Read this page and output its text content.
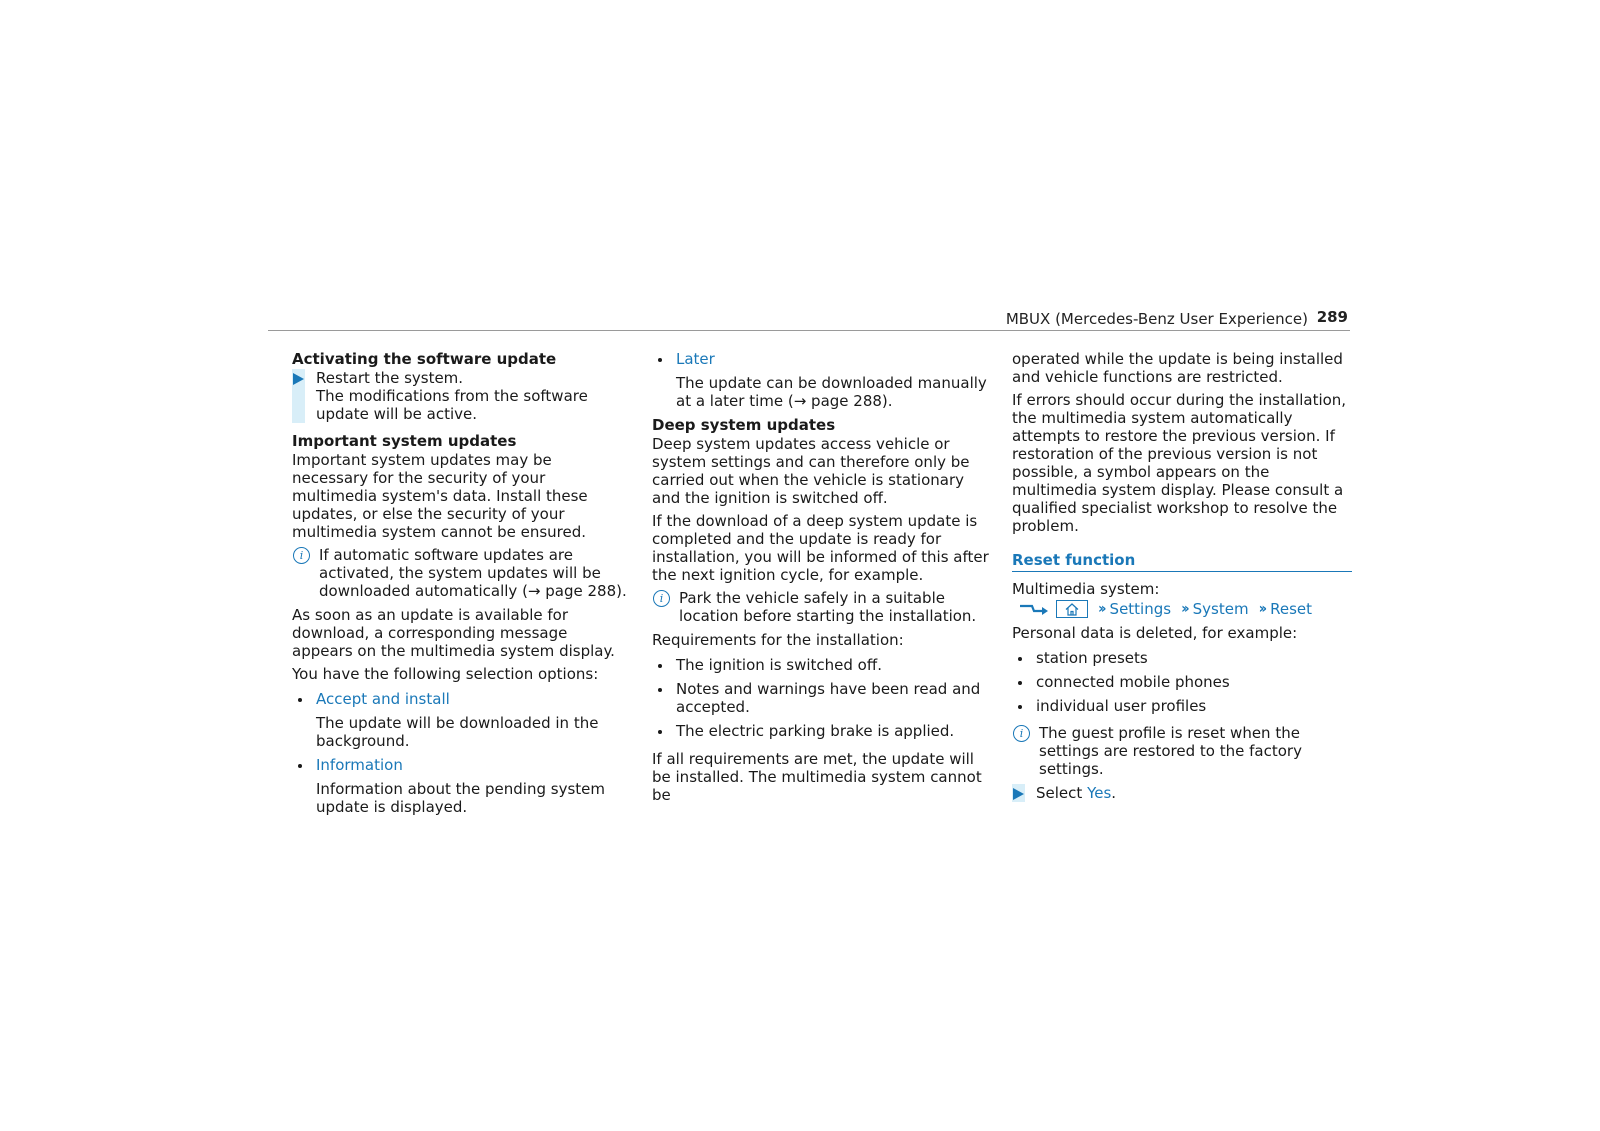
MBUX (Mercedes-Benz User Experience) 289

Activating the software update

Restart the system.

The modifications from the software update will be active.

Important system updates

Important system updates may be necessary for the security of your multimedia system's data. Install these updates, or else the security of your multimedia system cannot be ensured.

i	If automatic software updates are activated, the system updates will be downloaded automatically (→ page 288).

As soon as an update is available for download, a corresponding message appears on the multimedia system display.

You have the following selection options:

Accept and install

The update will be downloaded in the background.

Information

Information about the pending system update is displayed.

Later

The update can be downloaded manually at a later time (→ page 288).

Deep system updates

Deep system updates access vehicle or system settings and can therefore only be carried out when the vehicle is stationary and the ignition is switched off.

If the download of a deep system update is completed and the update is ready for installation, you will be informed of this after the next ignition cycle, for example.

i	Park the vehicle safely in a suitable location before starting the installation.

Requirements for the installation:

The ignition is switched off.
Notes and warnings have been read and accepted.
The electric parking brake is applied.

If all requirements are met, the update will be installed. The multimedia system cannot be

operated while the update is being installed and vehicle functions are restricted.

If errors should occur during the installation, the multimedia system automatically attempts to restore the previous version. If restoration of the previous version is not possible, a symbol appears on the multimedia system display. Please consult a qualified specialist workshop to resolve the problem.

Reset function

Multimedia system:

›› Settings ›› System ›› Reset

Personal data is deleted, for example:

station presets
connected mobile phones
individual user profiles
i	The guest profile is reset when the settings are restored to the factory settings.

Select Yes.
